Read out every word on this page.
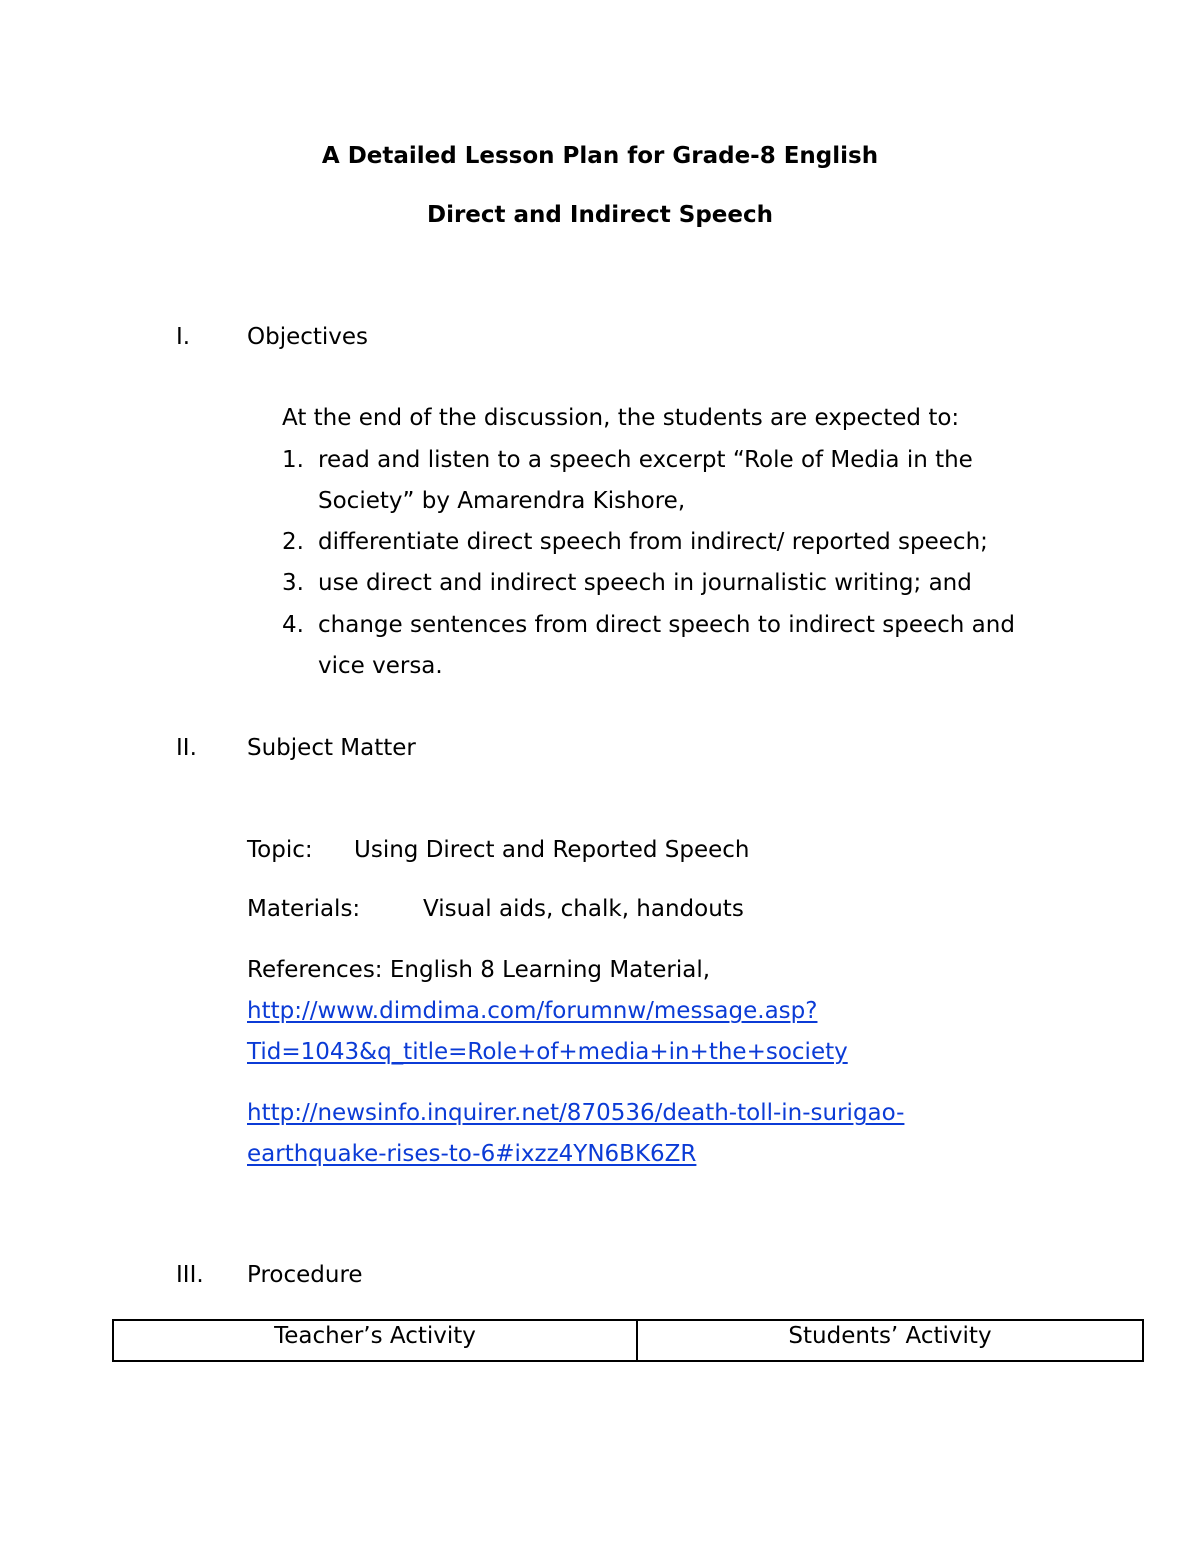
A Detailed Lesson Plan for Grade-8 English
Direct and Indirect Speech
I. Objectives
At the end of the discussion, the students are expected to:
1. read and listen to a speech excerpt “Role of Media in the
Society” by Amarendra Kishore,
2. differentiate direct speech from indirect/ reported speech;
3. use direct and indirect speech in journalistic writing; and
4. change sentences from direct speech to indirect speech and
vice versa.
II. Subject Matter
Topic: Using Direct and Reported Speech
Materials:	Visual aids, chalk, handouts
References: English 8 Learning Material,
http://www.dimdima.com/forumnw/message.asp?
Tid=1043&q_title=Role+of+media+in+the+society
http://newsinfo.inquirer.net/870536/death-toll-in-surigao-
earthquake-rises-to-6#ixzz4YN6BK6ZR
III. Procedure
Teacher’s Activity	Students’ Activity
